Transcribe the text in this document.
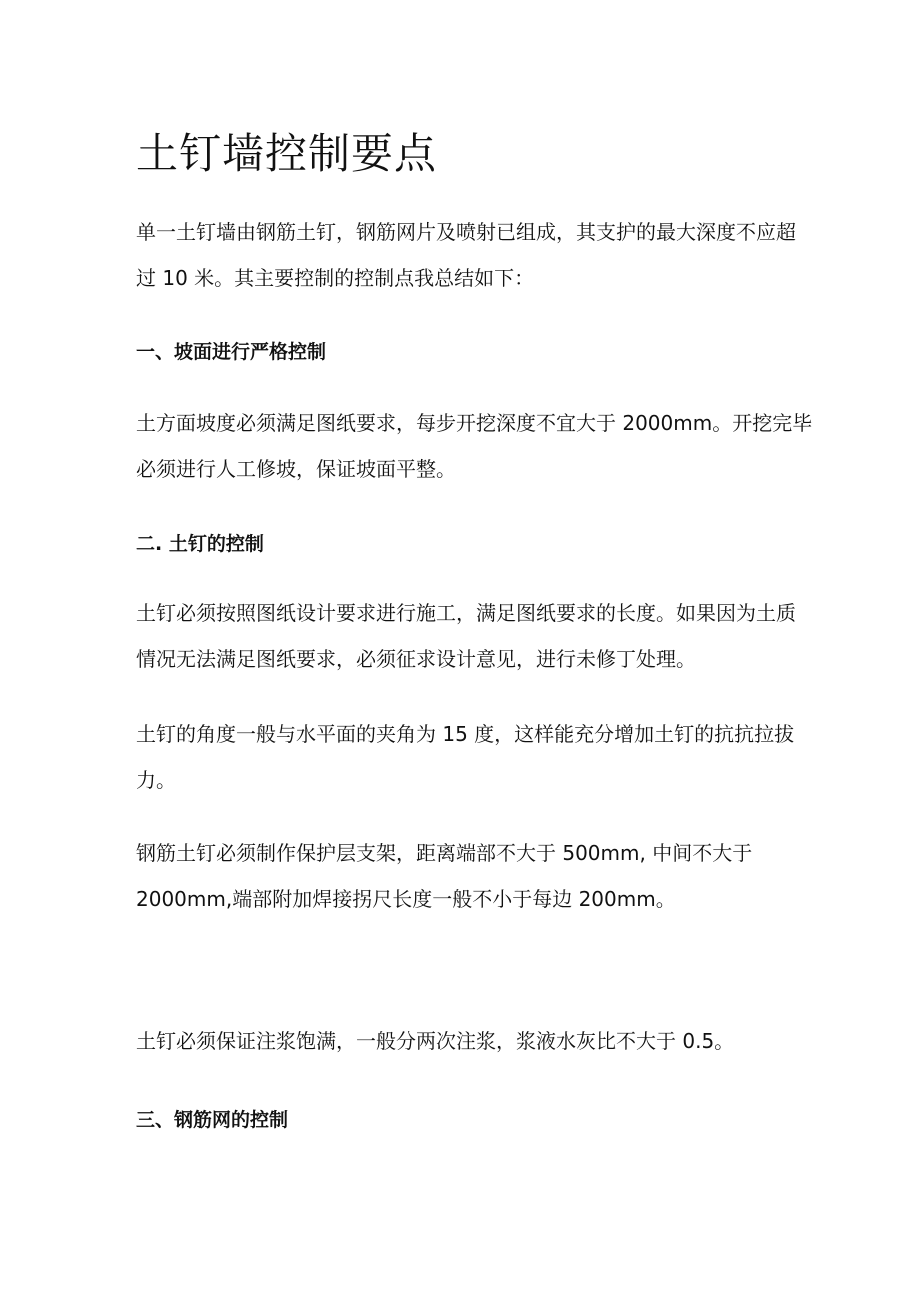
土钉墙控制要点

单一土钉墙由钢筋土钉，钢筋网片及喷射已组成，其支护的最大深度不应超
过 10 米。其主要控制的控制点我总结如下：

一、坡面进行严格控制

土方面坡度必须满足图纸要求，每步开挖深度不宜大于 2000mm。开挖完毕
必须进行人工修坡，保证坡面平整。

二. 土钉的控制

土钉必须按照图纸设计要求进行施工，满足图纸要求的长度。如果因为土质
情况无法满足图纸要求，必须征求设计意见，进行未修丁处理。

土钉的角度一般与水平面的夹角为 15 度，这样能充分增加土钉的抗抗拉拔
力。

钢筋土钉必须制作保护层支架，距离端部不大于 500mm, 中间不大于
2000mm,端部附加焊接拐尺长度一般不小于每边 200mm。

土钉必须保证注浆饱满，一般分两次注浆，浆液水灰比不大于 0.5。

三、钢筋网的控制
